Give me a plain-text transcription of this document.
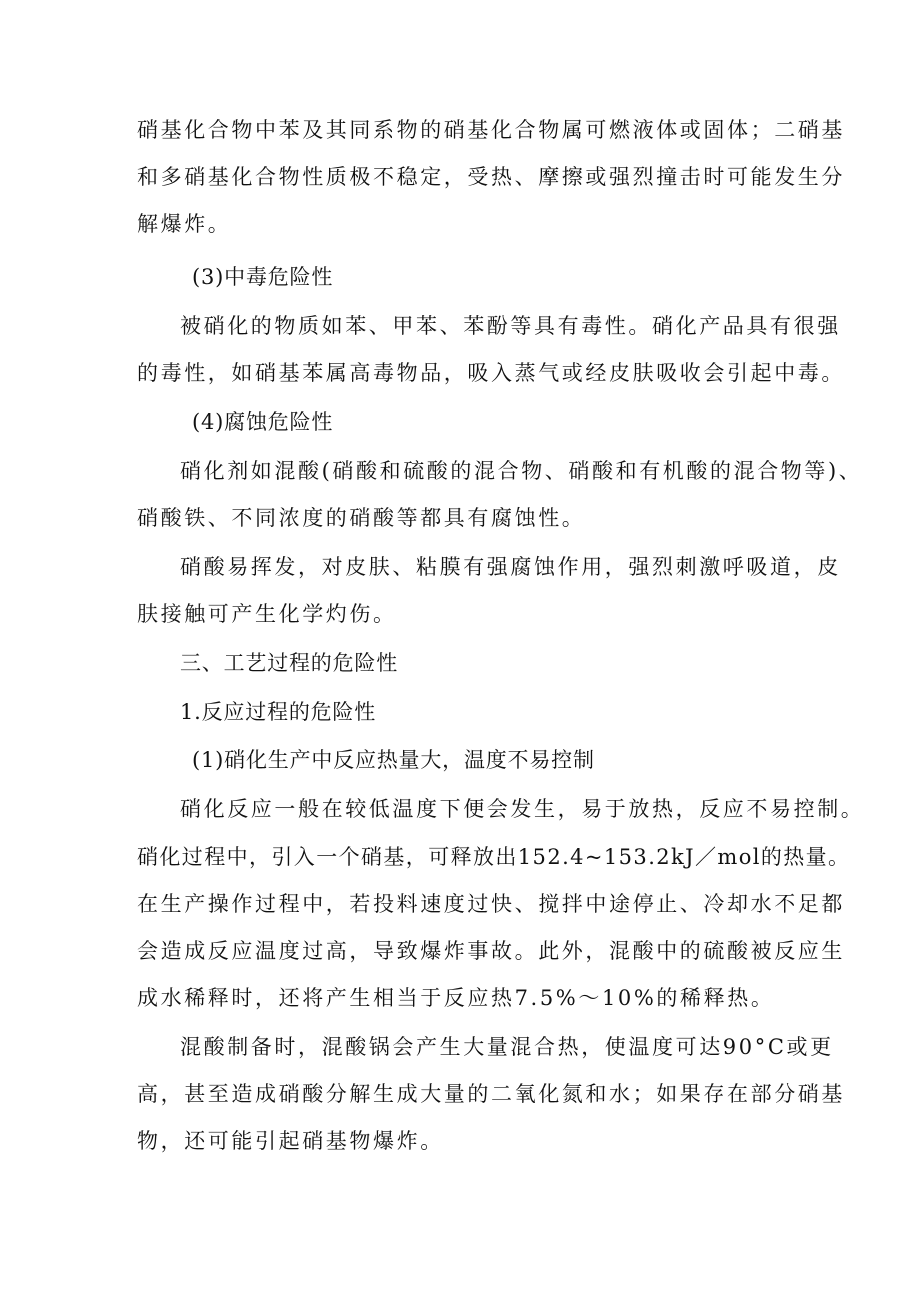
硝基化合物中苯及其同系物的硝基化合物属可燃液体或固体；二硝基
和多硝基化合物性质极不稳定，受热、摩擦或强烈撞击时可能发生分
解爆炸。
(3)中毒危险性
被硝化的物质如苯、甲苯、苯酚等具有毒性。硝化产品具有很强
的毒性，如硝基苯属高毒物品，吸入蒸气或经皮肤吸收会引起中毒。
(4)腐蚀危险性
硝化剂如混酸(硝酸和硫酸的混合物、硝酸和有机酸的混合物等)、
硝酸铁、不同浓度的硝酸等都具有腐蚀性。
硝酸易挥发，对皮肤、粘膜有强腐蚀作用，强烈刺激呼吸道，皮
肤接触可产生化学灼伤。
三、工艺过程的危险性
1.反应过程的危险性
(1)硝化生产中反应热量大，温度不易控制
硝化反应一般在较低温度下便会发生，易于放热，反应不易控制。
硝化过程中，引入一个硝基，可释放出152.4~153.2kJ／mol的热量。
在生产操作过程中，若投料速度过快、搅拌中途停止、冷却水不足都
会造成反应温度过高，导致爆炸事故。此外，混酸中的硫酸被反应生
成水稀释时，还将产生相当于反应热7.5%～10%的稀释热。
混酸制备时，混酸锅会产生大量混合热，使温度可达90°C或更
高，甚至造成硝酸分解生成大量的二氧化氮和水；如果存在部分硝基
物，还可能引起硝基物爆炸。
